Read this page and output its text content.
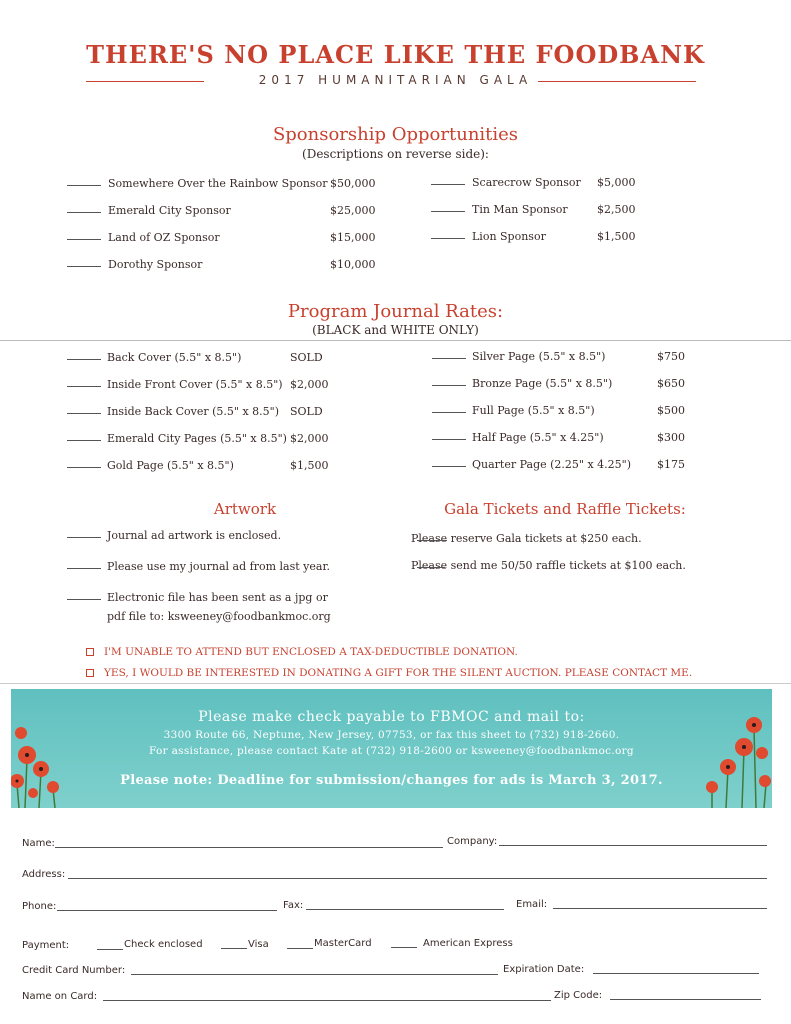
THERE'S NO PLACE LIKE THE FOODBANK
2017 HUMANITARIAN GALA
Sponsorship Opportunities
(Descriptions on reverse side):
Somewhere Over the Rainbow Sponsor $50,000
Emerald City Sponsor	$25,000
Land of OZ Sponsor	$15,000
Dorothy Sponsor	$10,000
Scarecrow Sponsor $5,000
Tin Man Sponsor	$2,500
Lion Sponsor	$1,500
Program Journal Rates:
(BLACK and WHITE ONLY)
Back Cover (5.5" x 8.5")	SOLD
Inside Front Cover (5.5" x 8.5") $2,000
Inside Back Cover (5.5" x 8.5") SOLD
Emerald City Pages (5.5" x 8.5") $2,000
Gold Page (5.5" x 8.5")	$1,500
Silver Page (5.5" x 8.5")	$750
Bronze Page (5.5" x 8.5")	$650
Full Page (5.5" x 8.5")	$500
Half Page (5.5" x 4.25")	$300
Quarter Page (2.25" x 4.25") $175
Artwork
Journal ad artwork is enclosed.
Please use my journal ad from last year.
Electronic file has been sent as a jpg or
pdf file to: ksweeney@foodbankmoc.org
Gala Tickets and Raffle Tickets:
Please reserve Gala tickets at $250 each.
Please send me 50/50 raffle tickets at $100 each.
I'M UNABLE TO ATTEND BUT ENCLOSED A TAX-DEDUCTIBLE DONATION.
YES, I WOULD BE INTERESTED IN DONATING A GIFT FOR THE SILENT AUCTION. PLEASE CONTACT ME.
Please make check payable to FBMOC and mail to:
3300 Route 66, Neptune, New Jersey, 07753, or fax this sheet to (732) 918-2660.
For assistance, please contact Kate at (732) 918-2600 or ksweeney@foodbankmoc.org
Please note: Deadline for submission/changes for ads is March 3, 2017.
Name:	Company:
Address:
Phone:	Fax:	Email:
Payment:	Check enclosed	Visa	MasterCard	American Express
Credit Card Number:	Expiration Date:
Name on Card:	Zip Code:
